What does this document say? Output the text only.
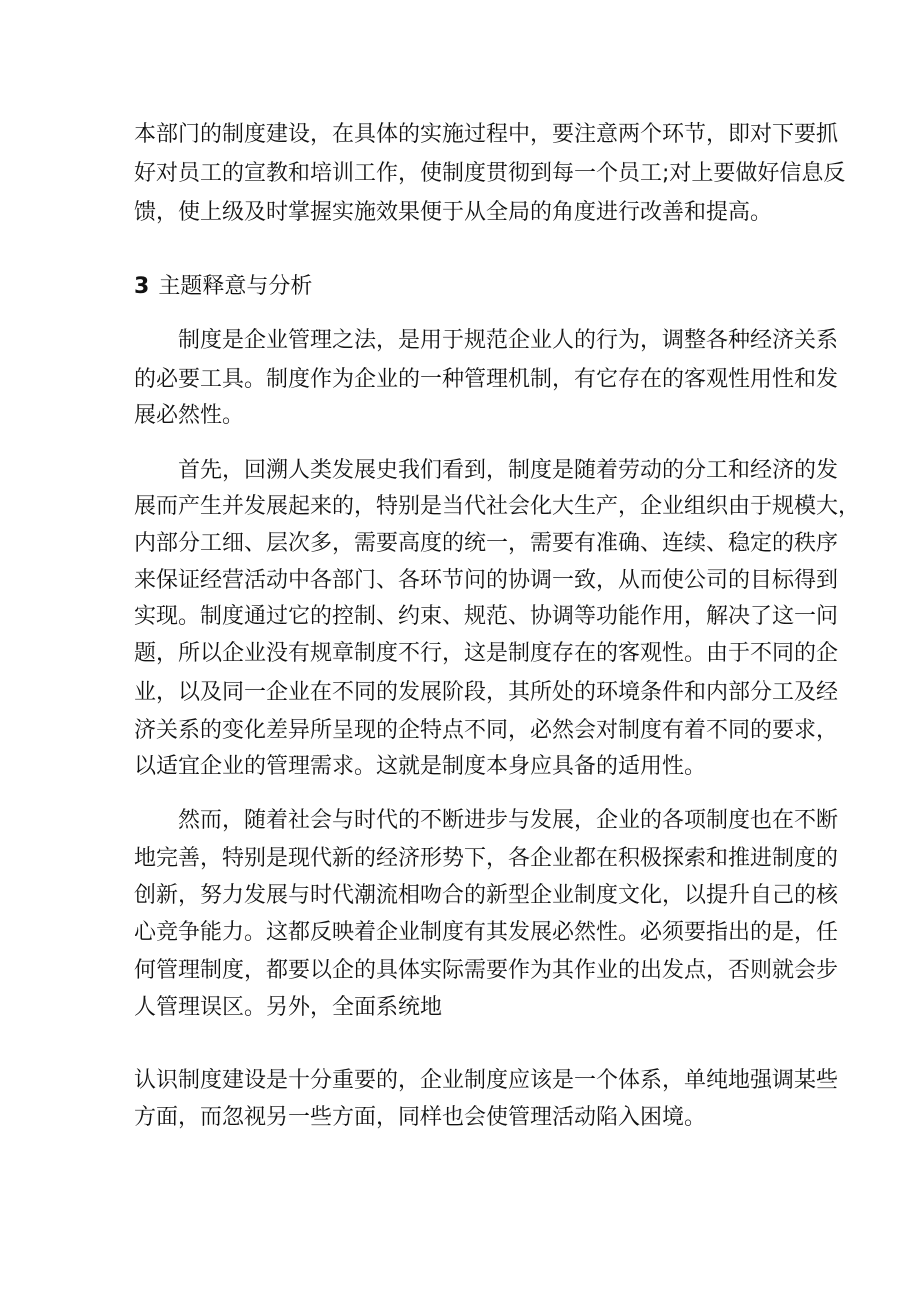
本部门的制度建设，在具体的实施过程中，要注意两个环节，即对下要抓
好对员工的宣教和培训工作，使制度贯彻到每一个员工;对上要做好信息反
馈，使上级及时掌握实施效果便于从全局的角度进行改善和提高。
3 主题释意与分析
制度是企业管理之法，是用于规范企业人的行为，调整各种经济关系
的必要工具。制度作为企业的一种管理机制，有它存在的客观性用性和发
展必然性。
首先，回溯人类发展史我们看到，制度是随着劳动的分工和经济的发
展而产生并发展起来的，特别是当代社会化大生产，企业组织由于规模大，
内部分工细、层次多，需要高度的统一，需要有准确、连续、稳定的秩序
来保证经营活动中各部门、各环节问的协调一致，从而使公司的目标得到
实现。制度通过它的控制、约束、规范、协调等功能作用，解决了这一问
题，所以企业没有规章制度不行，这是制度存在的客观性。由于不同的企
业，以及同一企业在不同的发展阶段，其所处的环境条件和内部分工及经
济关系的变化差异所呈现的企特点不同，必然会对制度有着不同的要求，
以适宜企业的管理需求。这就是制度本身应具备的适用性。
然而，随着社会与时代的不断进步与发展，企业的各项制度也在不断
地完善，特别是现代新的经济形势下，各企业都在积极探索和推进制度的
创新，努力发展与时代潮流相吻合的新型企业制度文化，以提升自己的核
心竞争能力。这都反映着企业制度有其发展必然性。必须要指出的是，任
何管理制度，都要以企的具体实际需要作为其作业的出发点，否则就会步
人管理误区。另外，全面系统地
认识制度建设是十分重要的，企业制度应该是一个体系，单纯地强调某些
方面，而忽视另一些方面，同样也会使管理活动陷入困境。
